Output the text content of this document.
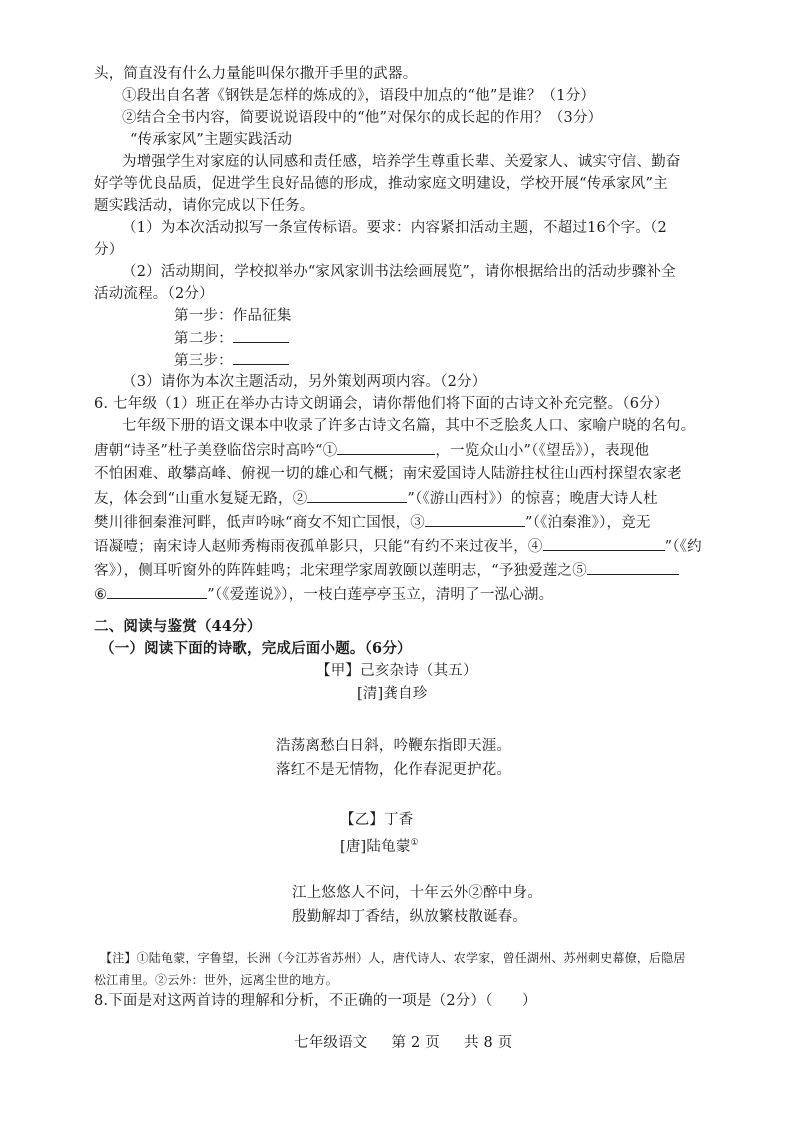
头，简直没有什么力量能叫保尔撒开手里的武器。
①段出自名著《钢铁是怎样的炼成的》，语段中加点的“他”是谁？（1分）
②结合全书内容，简要说说语段中的“他”对保尔的成长起的作用？（3分）
“传承家风”主题实践活动
为增强学生对家庭的认同感和责任感，培养学生尊重长辈、关爱家人、诚实守信、勤奋
好学等优良品质，促进学生良好品德的形成，推动家庭文明建设，学校开展“传承家风”主
题实践活动，请你完成以下任务。
（1）为本次活动拟写一条宣传标语。要求：内容紧扣活动主题，不超过16个字。（2
分）
（2）活动期间，学校拟举办“家风家训书法绘画展览”，请你根据给出的活动步骤补全
活动流程。（2分）
第一步：作品征集
第二步：
第三步：
（3）请你为本次主题活动，另外策划两项内容。（2分）
6. 七年级（1）班正在举办古诗文朗诵会，请你帮他们将下面的古诗文补充完整。（6分）
七年级下册的语文课本中收录了许多古诗文名篇，其中不乏脍炙人口、家喻户晓的名句。
唐朝“诗圣”杜子美登临岱宗时高吟“①	，一览众山小”（《望岳》），表现他
不怕困难、敢攀高峰、俯视一切的雄心和气概；南宋爱国诗人陆游拄杖往山西村探望农家老
友，体会到“山重水复疑无路，②	”（《游山西村》）的惊喜；晚唐大诗人杜
樊川徘徊秦淮河畔，低声吟咏“商女不知亡国恨，③	”（《泊秦淮》），竞无
语凝噎；南宋诗人赵师秀梅雨夜孤单影只，只能“有约不来过夜半，④	”（《约
客》），侧耳听窗外的阵阵蛙鸣；北宋理学家周敦颐以莲明志，“予独爱莲之⑤
⑥	”（《爱莲说》），一枝白莲亭亭玉立，清明了一泓心湖。
二、阅读与鉴赏（44分）
（一）阅读下面的诗歌，完成后面小题。（6分）
【甲】己亥杂诗（其五）
[清]龚自珍
浩荡离愁白日斜，吟鞭东指即天涯。
落红不是无情物，化作春泥更护花。
【乙】丁香
[唐]陆龟蒙①
江上悠悠人不问，十年云外②醉中身。
殷勤解却丁香结，纵放繁枝散诞春。
【注】①陆龟蒙，字鲁望，长洲（今江苏省苏州）人，唐代诗人、农学家，曾任湖州、苏州刺史幕僚，后隐居
松江甫里。②云外：世外，远离尘世的地方。
8.下面是对这两首诗的理解和分析，不正确的一项是（2分）（　　）
七年级语文 第 2 页 共 8 页
